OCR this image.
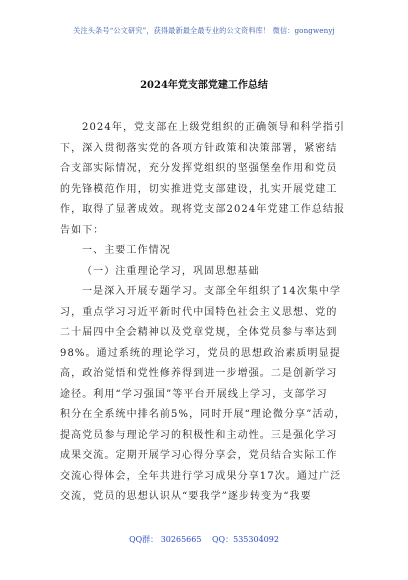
关注头条号“公文研究”，获得最新最全最专业的公文资料库！ 微信：gongwenyj
2024年党支部党建工作总结
2024年，党支部在上级党组织的正确领导和科学指引
下，深入贯彻落实党的各项方针政策和决策部署，紧密结
合支部实际情况，充分发挥党组织的坚强堡垒作用和党员
的先锋模范作用，切实推进党支部建设，扎实开展党建工
作，取得了显著成效。现将党支部2024年党建工作总结报
告如下：
一、主要工作情况
（一）注重理论学习，巩固思想基础
一是深入开展专题学习。支部全年组织了14次集中学
习，重点学习习近平新时代中国特色社会主义思想、党的
二十届四中全会精神以及党章党规，全体党员参与率达到
98%。通过系统的理论学习，党员的思想政治素质明显提
高，政治觉悟和党性修养得到进一步增强。二是创新学习
途径。利用“学习强国”等平台开展线上学习，支部学习
积分在全系统中排名前5%，同时开展“理论微分享”活动，
提高党员参与理论学习的积极性和主动性。三是强化学习
成果交流。定期开展学习心得分享会，党员结合实际工作
交流心得体会，全年共进行学习成果分享17次。通过广泛
交流，党员的思想认识从“要我学”逐步转变为“我要
QQ群： 30265665 QQ：535304092
